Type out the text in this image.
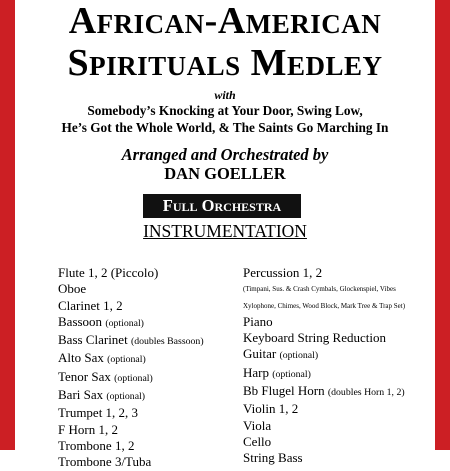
African-American
Spirituals Medley
with
Somebody’s Knocking at Your Door, Swing Low,
He’s Got the Whole World, & The Saints Go Marching In
Arranged and Orchestrated by
DAN GOELLER
Full Orchestra
INSTRUMENTATION
Flute 1, 2 (Piccolo)
Oboe
Clarinet 1, 2
Bassoon (optional)
Bass Clarinet (doubles Bassoon)
Alto Sax (optional)
Tenor Sax (optional)
Bari Sax (optional)
Trumpet 1, 2, 3
F Horn 1, 2
Trombone 1, 2
Trombone 3/Tuba
Percussion 1, 2
(Timpani, Sus. & Crash Cymbals, Glockenspiel, Vibes
Xylophone, Chimes, Wood Block, Mark Tree & Trap Set)
Piano
Keyboard String Reduction
Guitar (optional)
Harp (optional)
Bb Flugel Horn (doubles Horn 1, 2)
Violin 1, 2
Viola
Cello
String Bass
